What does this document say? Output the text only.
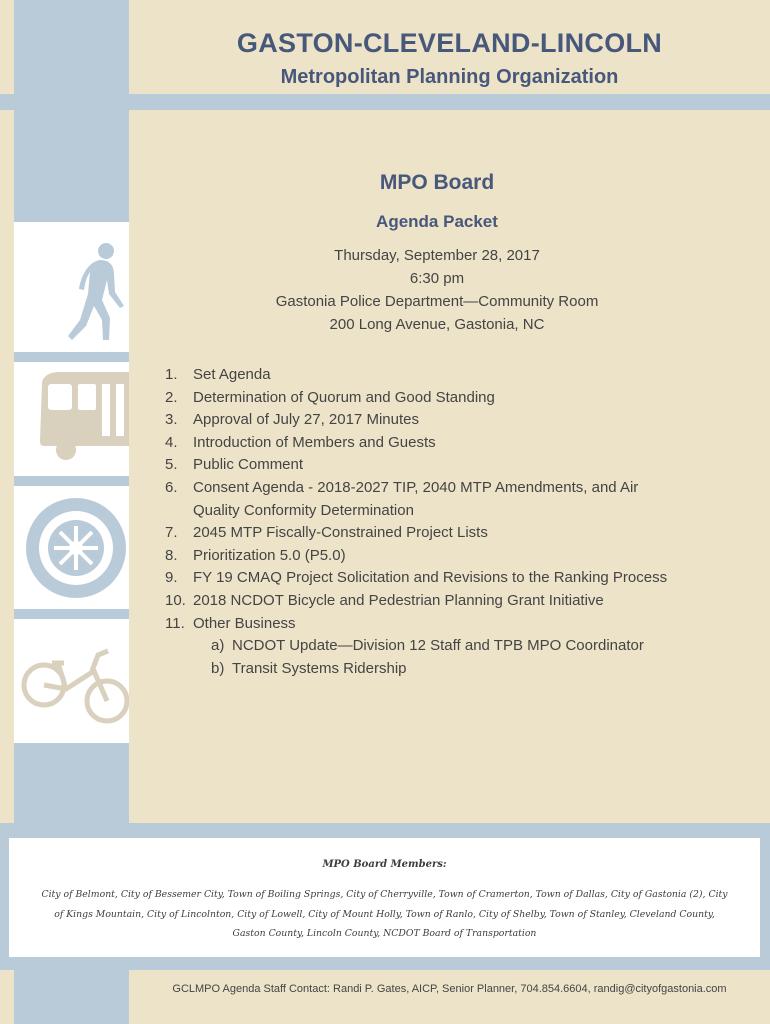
GASTON-CLEVELAND-LINCOLN
Metropolitan Planning Organization
MPO Board
Agenda Packet
Thursday, September 28, 2017
6:30 pm
Gastonia Police Department—Community Room
200 Long Avenue, Gastonia, NC
1. Set Agenda
2. Determination of Quorum and Good Standing
3. Approval of July 27, 2017 Minutes
4. Introduction of Members and Guests
5. Public Comment
6. Consent Agenda - 2018-2027 TIP, 2040 MTP Amendments, and Air Quality Conformity Determination
7. 2045 MTP Fiscally-Constrained Project Lists
8. Prioritization 5.0 (P5.0)
9. FY 19 CMAQ Project Solicitation and Revisions to the Ranking Process
10. 2018 NCDOT Bicycle and Pedestrian Planning Grant Initiative
11. Other Business
a) NCDOT Update—Division 12 Staff and TPB MPO Coordinator
b) Transit Systems Ridership
MPO Board Members:
City of Belmont, City of Bessemer City, Town of Boiling Springs, City of Cherryville, Town of Cramerton, Town of Dallas, City of Gastonia (2), City of Kings Mountain, City of Lincolnton, City of Lowell, City of Mount Holly, Town of Ranlo, City of Shelby, Town of Stanley, Cleveland County, Gaston County, Lincoln County, NCDOT Board of Transportation
GCLMPO Agenda Staff Contact: Randi P. Gates, AICP, Senior Planner, 704.854.6604, randig@cityofgastonia.com
